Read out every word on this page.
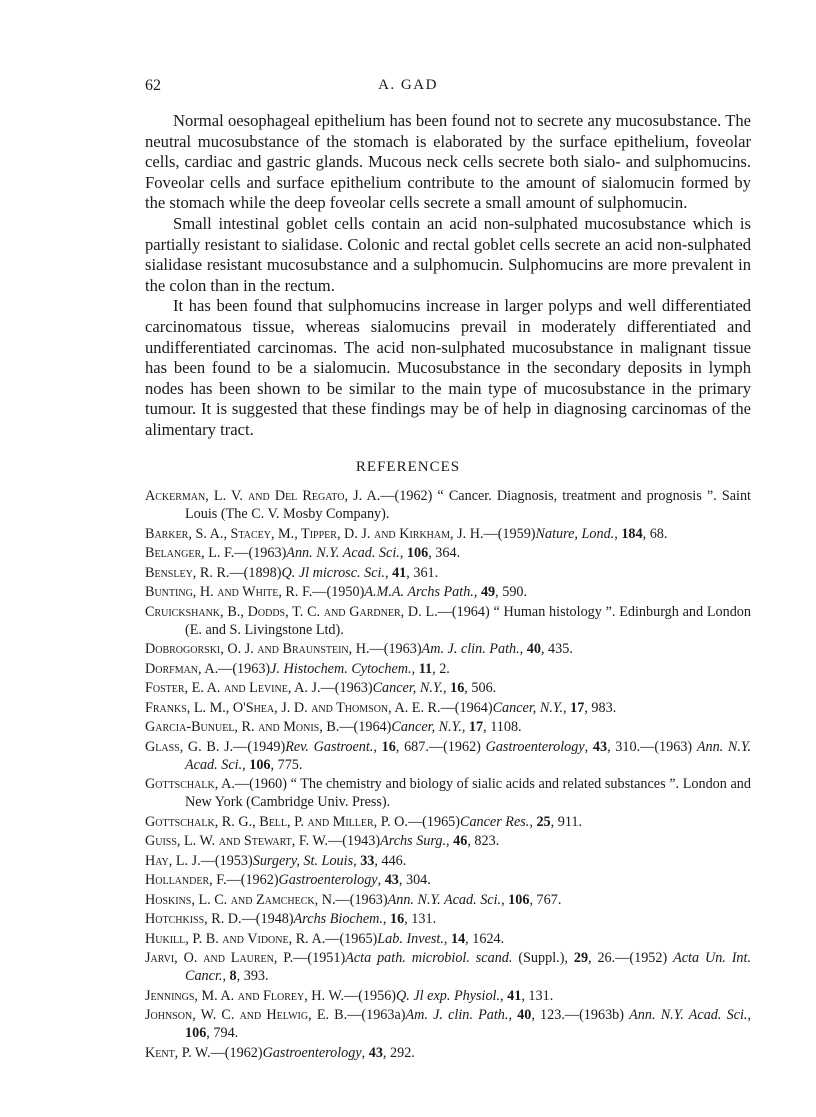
62	A. GAD

Normal oesophageal epithelium has been found not to secrete any mucosubstance. The neutral mucosubstance of the stomach is elaborated by the surface epithelium, foveolar cells, cardiac and gastric glands. Mucous neck cells secrete both sialo- and sulphomucins. Foveolar cells and surface epithelium contribute to the amount of sialomucin formed by the stomach while the deep foveolar cells secrete a small amount of sulphomucin.

Small intestinal goblet cells contain an acid non-sulphated mucosubstance which is partially resistant to sialidase. Colonic and rectal goblet cells secrete an acid non-sulphated sialidase resistant mucosubstance and a sulphomucin. Sulphomucins are more prevalent in the colon than in the rectum.

It has been found that sulphomucins increase in larger polyps and well differentiated carcinomatous tissue, whereas sialomucins prevail in moderately differentiated and undifferentiated carcinomas. The acid non-sulphated mucosubstance in malignant tissue has been found to be a sialomucin. Mucosubstance in the secondary deposits in lymph nodes has been shown to be similar to the main type of mucosubstance in the primary tumour. It is suggested that these findings may be of help in diagnosing carcinomas of the alimentary tract.

REFERENCES
Ackerman, L. V. and Del Regato, J. A.—(1962) “ Cancer. Diagnosis, treatment and prognosis ”. Saint Louis (The C. V. Mosby Company).
Barker, S. A., Stacey, M., Tipper, D. J. and Kirkham, J. H.—(1959)Nature, Lond., 184, 68.
Belanger, L. F.—(1963)Ann. N.Y. Acad. Sci., 106, 364.
Bensley, R. R.—(1898)Q. Jl microsc. Sci., 41, 361.
Bunting, H. and White, R. F.—(1950)A.M.A. Archs Path., 49, 590.
Cruickshank, B., Dodds, T. C. and Gardner, D. L.—(1964) “ Human histology ”. Edinburgh and London (E. and S. Livingstone Ltd).
Dobrogorski, O. J. and Braunstein, H.—(1963)Am. J. clin. Path., 40, 435.
Dorfman, A.—(1963)J. Histochem. Cytochem., 11, 2.
Foster, E. A. and Levine, A. J.—(1963)Cancer, N.Y., 16, 506.
Franks, L. M., O'Shea, J. D. and Thomson, A. E. R.—(1964)Cancer, N.Y., 17, 983.
Garcia-Bunuel, R. and Monis, B.—(1964)Cancer, N.Y., 17, 1108.
Glass, G. B. J.—(1949)Rev. Gastroent., 16, 687.—(1962) Gastroenterology, 43, 310.—(1963) Ann. N.Y. Acad. Sci., 106, 775.
Gottschalk, A.—(1960) “ The chemistry and biology of sialic acids and related substances ”. London and New York (Cambridge Univ. Press).
Gottschalk, R. G., Bell, P. and Miller, P. O.—(1965)Cancer Res., 25, 911.
Guiss, L. W. and Stewart, F. W.—(1943)Archs Surg., 46, 823.
Hay, L. J.—(1953)Surgery, St. Louis, 33, 446.
Hollander, F.—(1962)Gastroenterology, 43, 304.
Hoskins, L. C. and Zamcheck, N.—(1963)Ann. N.Y. Acad. Sci., 106, 767.
Hotchkiss, R. D.—(1948)Archs Biochem., 16, 131.
Hukill, P. B. and Vidone, R. A.—(1965)Lab. Invest., 14, 1624.
Jarvi, O. and Lauren, P.—(1951)Acta path. microbiol. scand. (Suppl.), 29, 26.—(1952) Acta Un. Int. Cancr., 8, 393.
Jennings, M. A. and Florey, H. W.—(1956)Q. Jl exp. Physiol., 41, 131.
Johnson, W. C. and Helwig, E. B.—(1963a)Am. J. clin. Path., 40, 123.—(1963b) Ann. N.Y. Acad. Sci., 106, 794.
Kent, P. W.—(1962)Gastroenterology, 43, 292.
